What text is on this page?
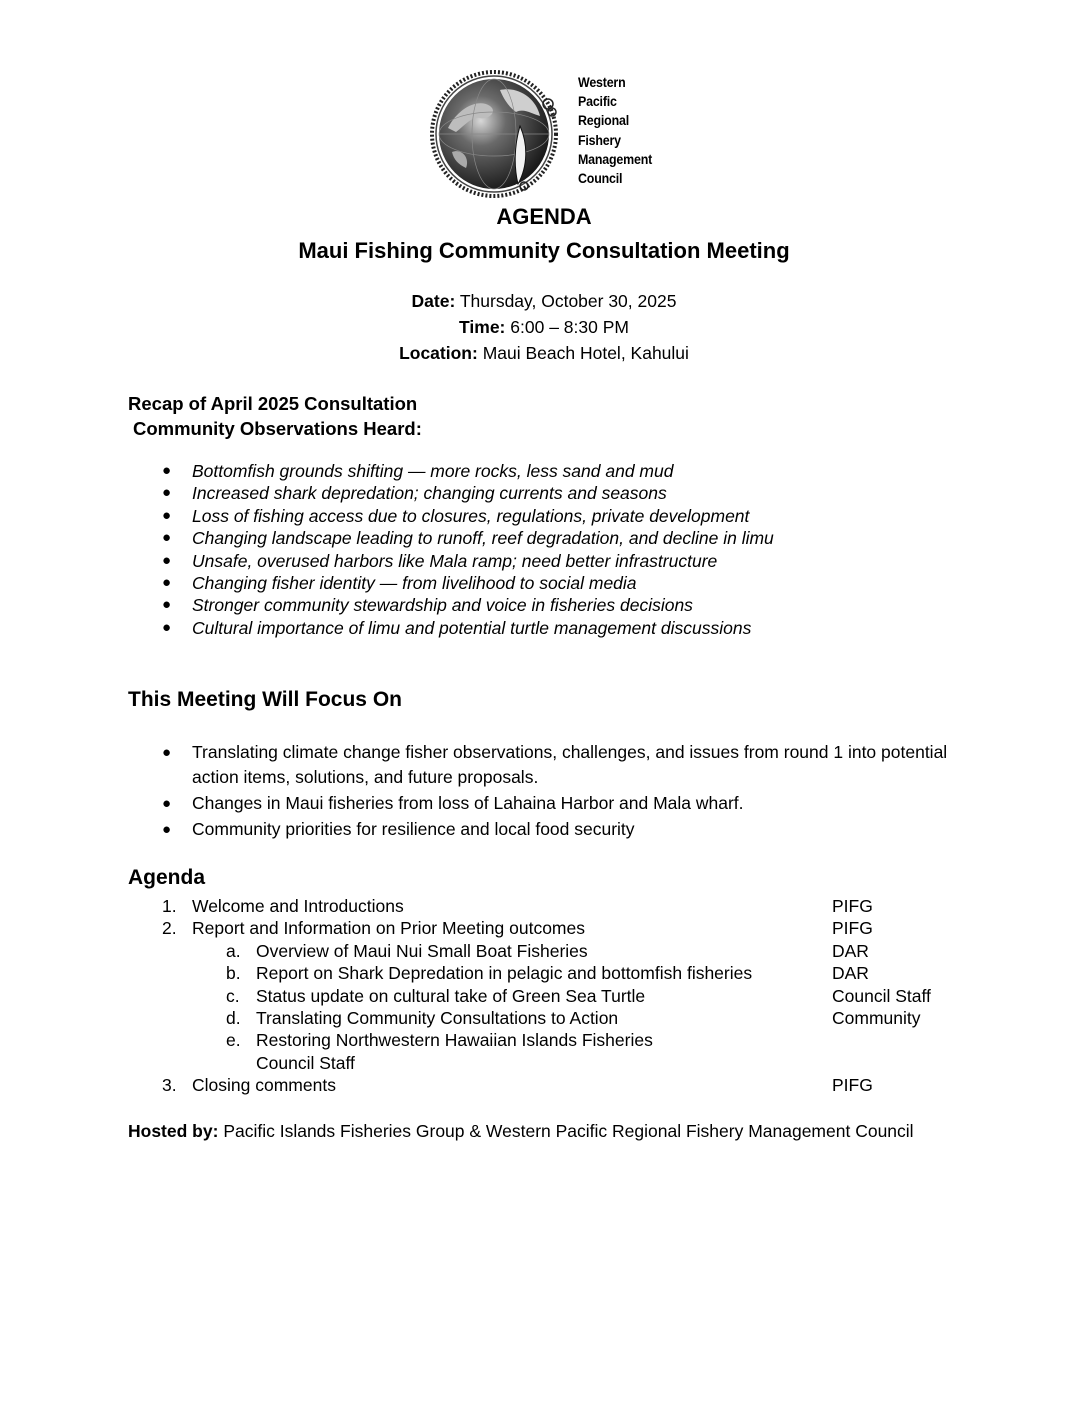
Western
Pacific
Regional
Fishery
Management
Council
AGENDA
Maui Fishing Community Consultation Meeting
Date: Thursday, October 30, 2025
Time: 6:00 – 8:30 PM
Location: Maui Beach Hotel, Kahului
Recap of April 2025 Consultation
Community Observations Heard:
● Bottomfish grounds shifting — more rocks, less sand and mud
● Increased shark depredation; changing currents and seasons
● Loss of fishing access due to closures, regulations, private development
● Changing landscape leading to runoff, reef degradation, and decline in limu
● Unsafe, overused harbors like Mala ramp; need better infrastructure
● Changing fisher identity — from livelihood to social media
● Stronger community stewardship and voice in fisheries decisions
● Cultural importance of limu and potential turtle management discussions
This Meeting Will Focus On
● Translating climate change fisher observations, challenges, and issues from round 1 into potential action items, solutions, and future proposals.
● Changes in Maui fisheries from loss of Lahaina Harbor and Mala wharf.
● Community priorities for resilience and local food security
Agenda
1. Welcome and Introductions	PIFG
2. Report and Information on Prior Meeting outcomes	PIFG
a. Overview of Maui Nui Small Boat Fisheries	DAR
b. Report on Shark Depredation in pelagic and bottomfish fisheries	DAR
c. Status update on cultural take of Green Sea Turtle	Council Staff
d. Translating Community Consultations to Action	Community
e. Restoring Northwestern Hawaiian Islands Fisheries
Council Staff
3. Closing comments	PIFG
Hosted by: Pacific Islands Fisheries Group & Western Pacific Regional Fishery Management Council
